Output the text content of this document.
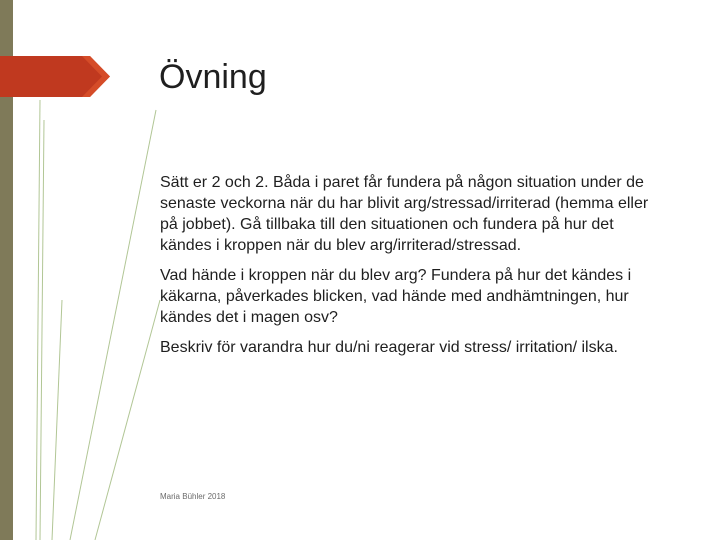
Övning

Sätt er 2 och 2. Båda i paret får fundera på någon situation under de senaste veckorna när du har blivit arg/stressad/irriterad (hemma eller på jobbet). Gå tillbaka till den situationen och fundera på hur det kändes i kroppen när du blev arg/irriterad/stressad.

Vad hände i kroppen när du blev arg? Fundera på hur det kändes i käkarna, påverkades blicken, vad hände med andhämtningen, hur kändes det i magen osv?

Beskriv för varandra hur du/ni reagerar vid stress/ irritation/ ilska.

Maria Bühler 2018
